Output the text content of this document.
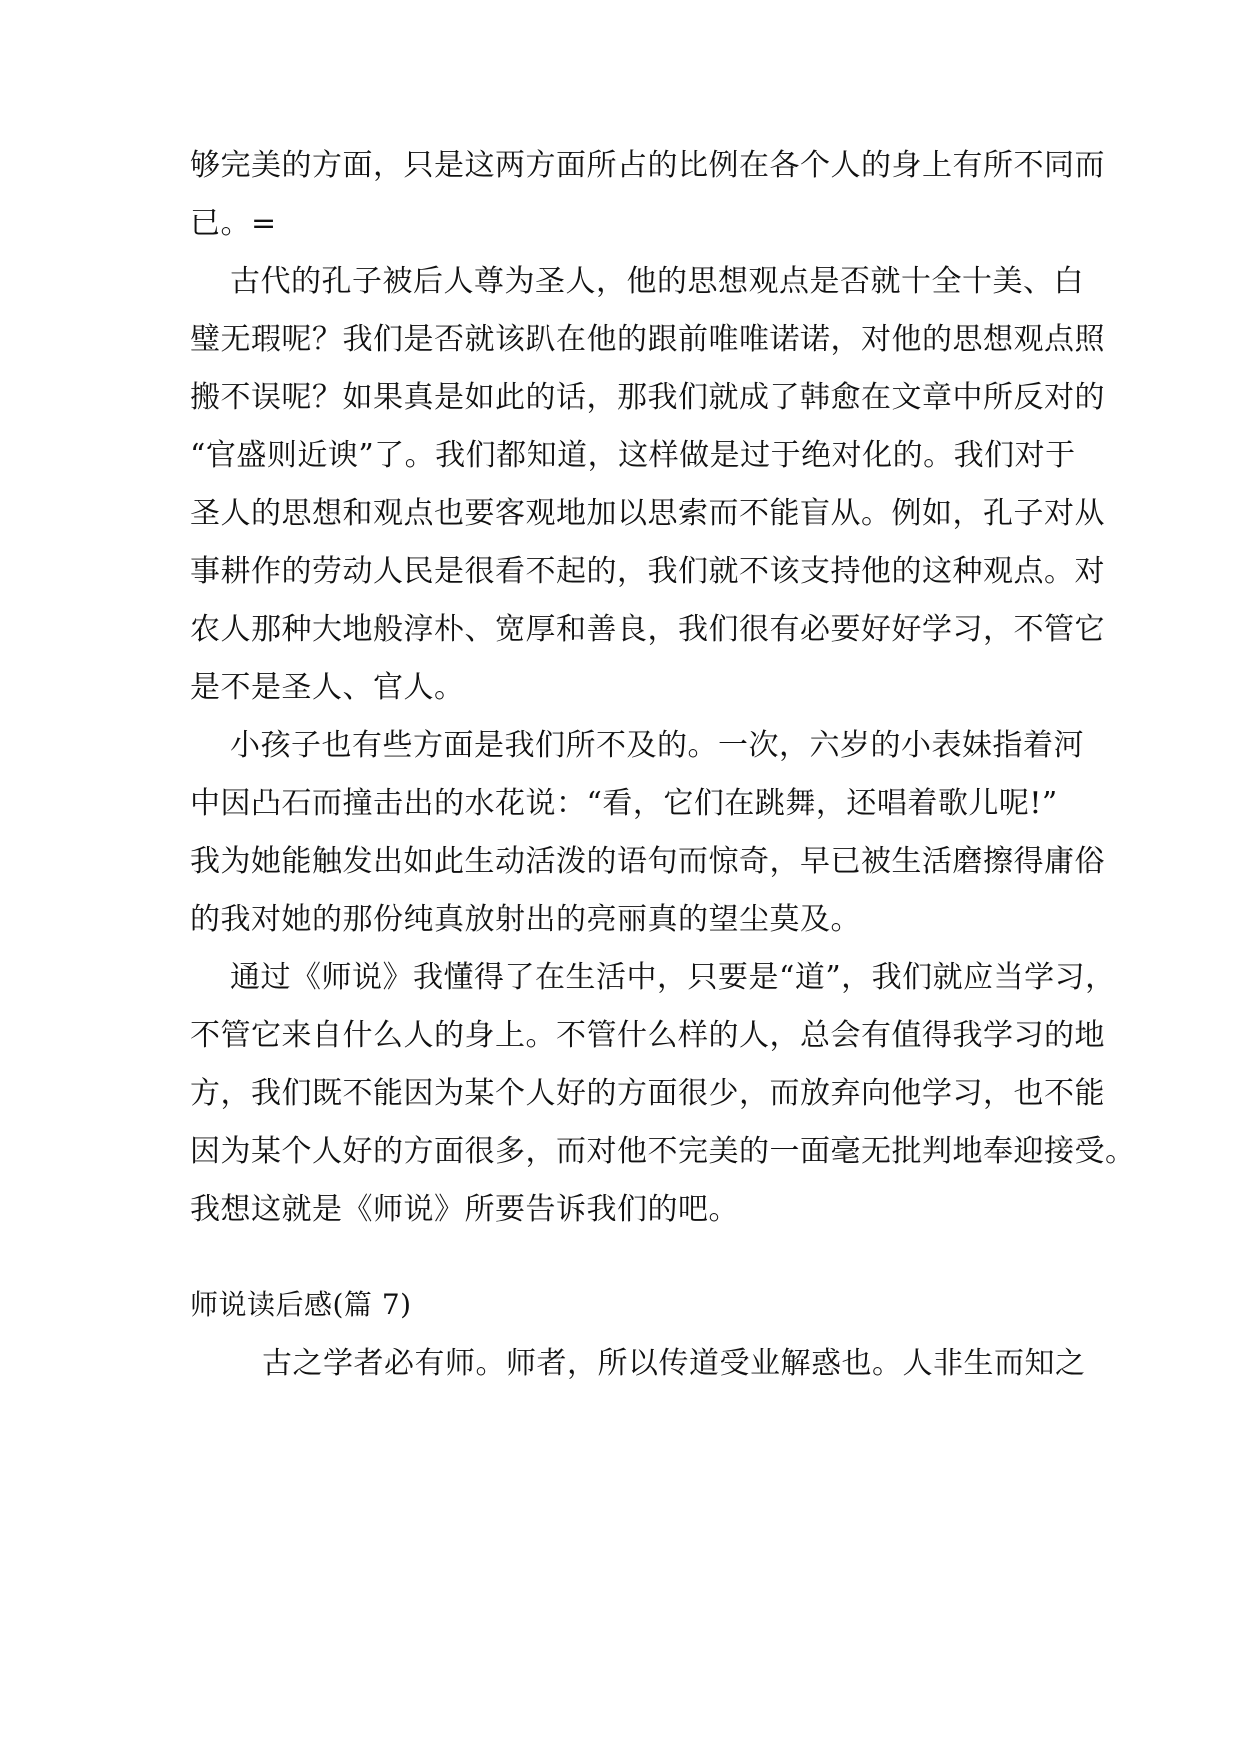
够完美的方面，只是这两方面所占的比例在各个人的身上有所不同而
已。=
古代的孔子被后人尊为圣人，他的思想观点是否就十全十美、白
璧无瑕呢？我们是否就该趴在他的跟前唯唯诺诺，对他的思想观点照
搬不误呢？如果真是如此的话，那我们就成了韩愈在文章中所反对的
“官盛则近谀”了。我们都知道，这样做是过于绝对化的。我们对于
圣人的思想和观点也要客观地加以思索而不能盲从。例如，孔子对从
事耕作的劳动人民是很看不起的，我们就不该支持他的这种观点。对
农人那种大地般淳朴、宽厚和善良，我们很有必要好好学习，不管它
是不是圣人、官人。
小孩子也有些方面是我们所不及的。一次，六岁的小表妹指着河
中因凸石而撞击出的水花说：“看，它们在跳舞，还唱着歌儿呢!”
我为她能触发出如此生动活泼的语句而惊奇，早已被生活磨擦得庸俗
的我对她的那份纯真放射出的亮丽真的望尘莫及。
通过《师说》我懂得了在生活中，只要是“道”，我们就应当学习，
不管它来自什么人的身上。不管什么样的人，总会有值得我学习的地
方，我们既不能因为某个人好的方面很少，而放弃向他学习，也不能
因为某个人好的方面很多，而对他不完美的一面毫无批判地奉迎接受。
我想这就是《师说》所要告诉我们的吧。
师说读后感(篇 7)
古之学者必有师。师者，所以传道受业解惑也。人非生而知之
